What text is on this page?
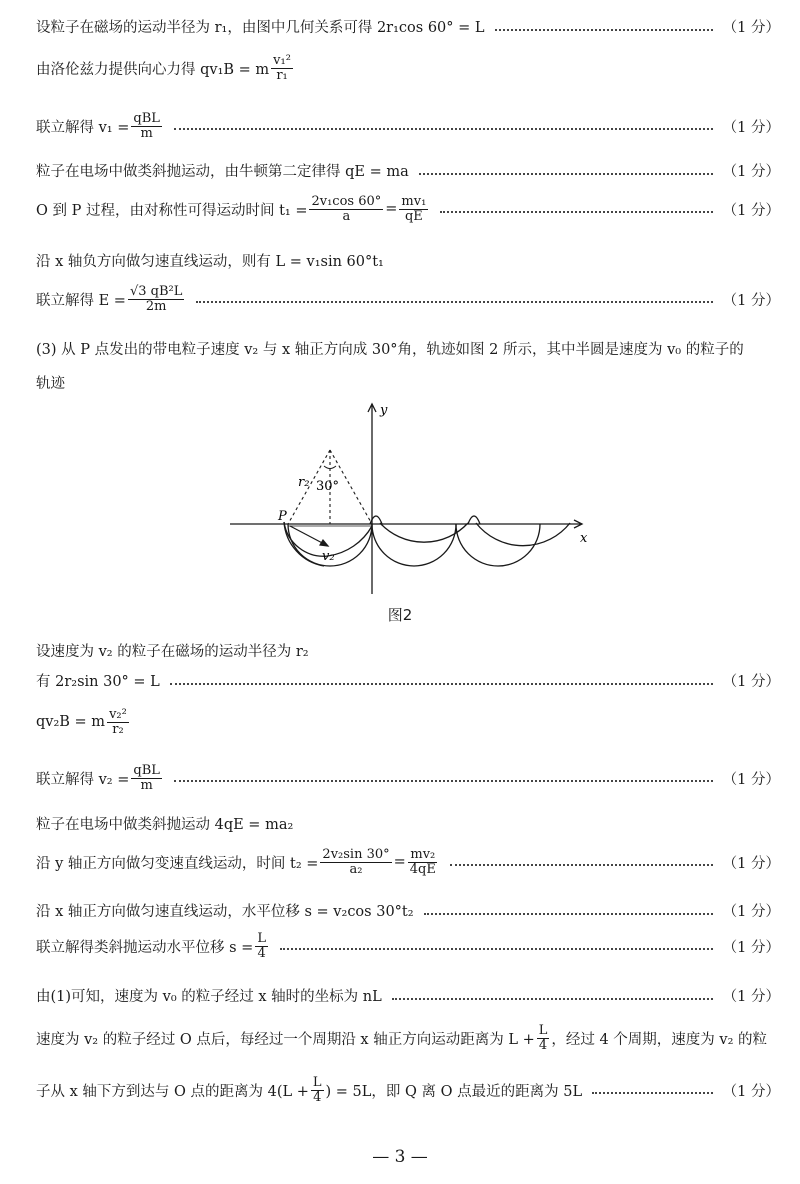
设粒子在磁场的运动半径为 r₁，由图中几何关系可得 2r₁cos 60° = L	（1 分）
由洛伦兹力提供向心力得 qv₁B = m $\frac{\text{v₁²}}{\text{r₁}}$
联立解得 $v_1 = \frac{\text{qBL}}{m}$	（1 分）
粒子在电场中做类斜抛运动，由牛顿第二定律得 qE = ma	（1 分）
O 到 P 过程，由对称性可得运动时间 $t_1 = \frac{\text{2v₁cos 60°}}{a} = \frac{\text{mv₁}}{qE}$	（1 分）
沿 x 轴负方向做匀速直线运动，则有 L = v₁sin 60°t₁
联立解得 $E = \frac{\text{√3 qB²L}}{2m}$	（1 分）
(3) 从 P 点发出的带电粒子速度 v₂ 与 x 轴正方向成 30°角，轨迹如图 2 所示，其中半圆是速度为 v₀ 的粒子的
轨迹
y
x
P
r₂ 30°
v₂
图2
设速度为 v₂ 的粒子在磁场的运动半径为 r₂
有 2r₂sin 30° = L	（1 分）
qv₂B = m $\frac{\text{v₂²}}{\text{r₂}}$
联立解得 $v_2 = \frac{\text{qBL}}{m}$	（1 分）
粒子在电场中做类斜抛运动 4qE = ma₂
沿 y 轴正方向做匀变速直线运动，时间 $t_2 = \frac{\text{2v₂sin 30°}}{\text{a₂}} = \frac{\text{mv₂}}{4qE}$	（1 分）
沿 x 轴正方向做匀速直线运动，水平位移 s = v₂cos 30°t₂	（1 分）
联立解得类斜抛运动水平位移 $s = \frac{L}{4}$	（1 分）
由(1)可知，速度为 v₀ 的粒子经过 x 轴时的坐标为 nL	（1 分）
速度为 v₂ 的粒子经过 O 点后，每经过一个周期沿 x 轴正方向运动距离为 $L + \frac{L}{4}$ ，经过 4 个周期，速度为 v₂ 的粒
子从 x 轴下方到达与 O 点的距离为 $4(L + \frac{L}{4}$ ) = 5L，即 Q 离 O 点最近的距离为 5L	（1 分）
— 3 —
